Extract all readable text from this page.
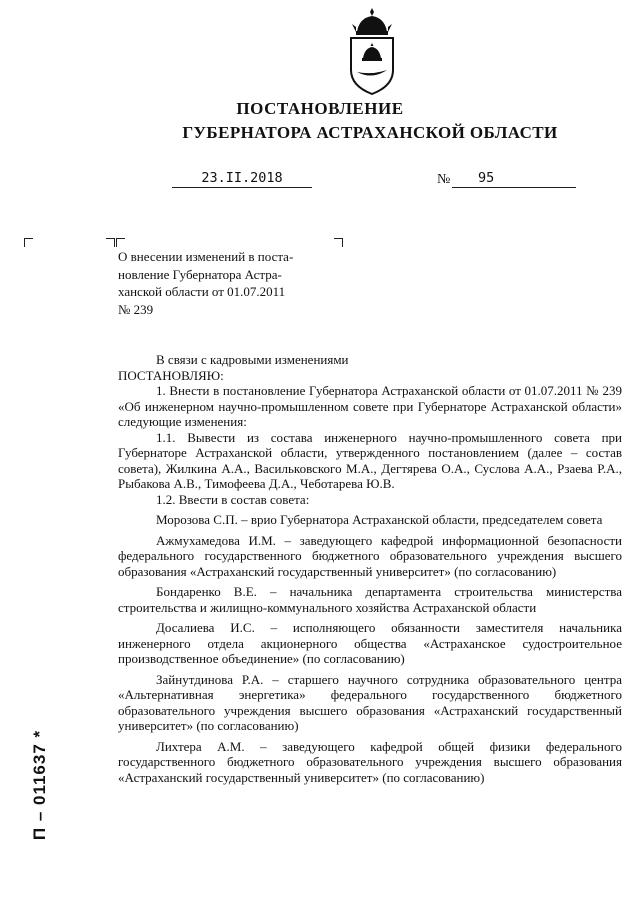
ПОСТАНОВЛЕНИЕ
ГУБЕРНАТОРА АСТРАХАНСКОЙ ОБЛАСТИ
23.II.2018	№	95
О внесении изменений в поста-
новление Губернатора Астра-
ханской области от 01.07.2011
№ 239

В связи с кадровыми изменениями

ПОСТАНОВЛЯЮ:

1. Внести в постановление Губернатора Астраханской области от 01.07.2011 № 239 «Об инженерном научно-промышленном совете при Губернаторе Астраханской области» следующие изменения:

1.1. Вывести из состава инженерного научно-промышленного совета при Губернаторе Астраханской области, утвержденного постановлением (далее – состав совета), Жилкина А.А., Васильковского М.А., Дегтярева О.А., Суслова А.А., Рзаева Р.А., Рыбакова А.В., Тимофеева Д.А., Чеботарева Ю.В.

1.2. Ввести в состав совета:

Морозова С.П. – врио Губернатора Астраханской области, председателем совета

Ажмухамедова И.М. – заведующего кафедрой информационной безопасности федерального государственного бюджетного образовательного учреждения высшего образования «Астраханский государственный университет» (по согласованию)

Бондаренко В.Е. – начальника департамента строительства министерства строительства и жилищно-коммунального хозяйства Астраханской области

Досалиева И.С. – исполняющего обязанности заместителя начальника инженерного отдела акционерного общества «Астраханское судостроительное производственное объединение» (по согласованию)

Зайнутдинова Р.А. – старшего научного сотрудника образовательного центра «Альтернативная энергетика» федерального государственного бюджетного образовательного учреждения высшего образования «Астраханский государственный университет» (по согласованию)

Лихтера А.М. – заведующего кафедрой общей физики федерального государственного бюджетного образовательного учреждения высшего образования «Астраханский государственный университет» (по согласованию)

П – 011637 *
